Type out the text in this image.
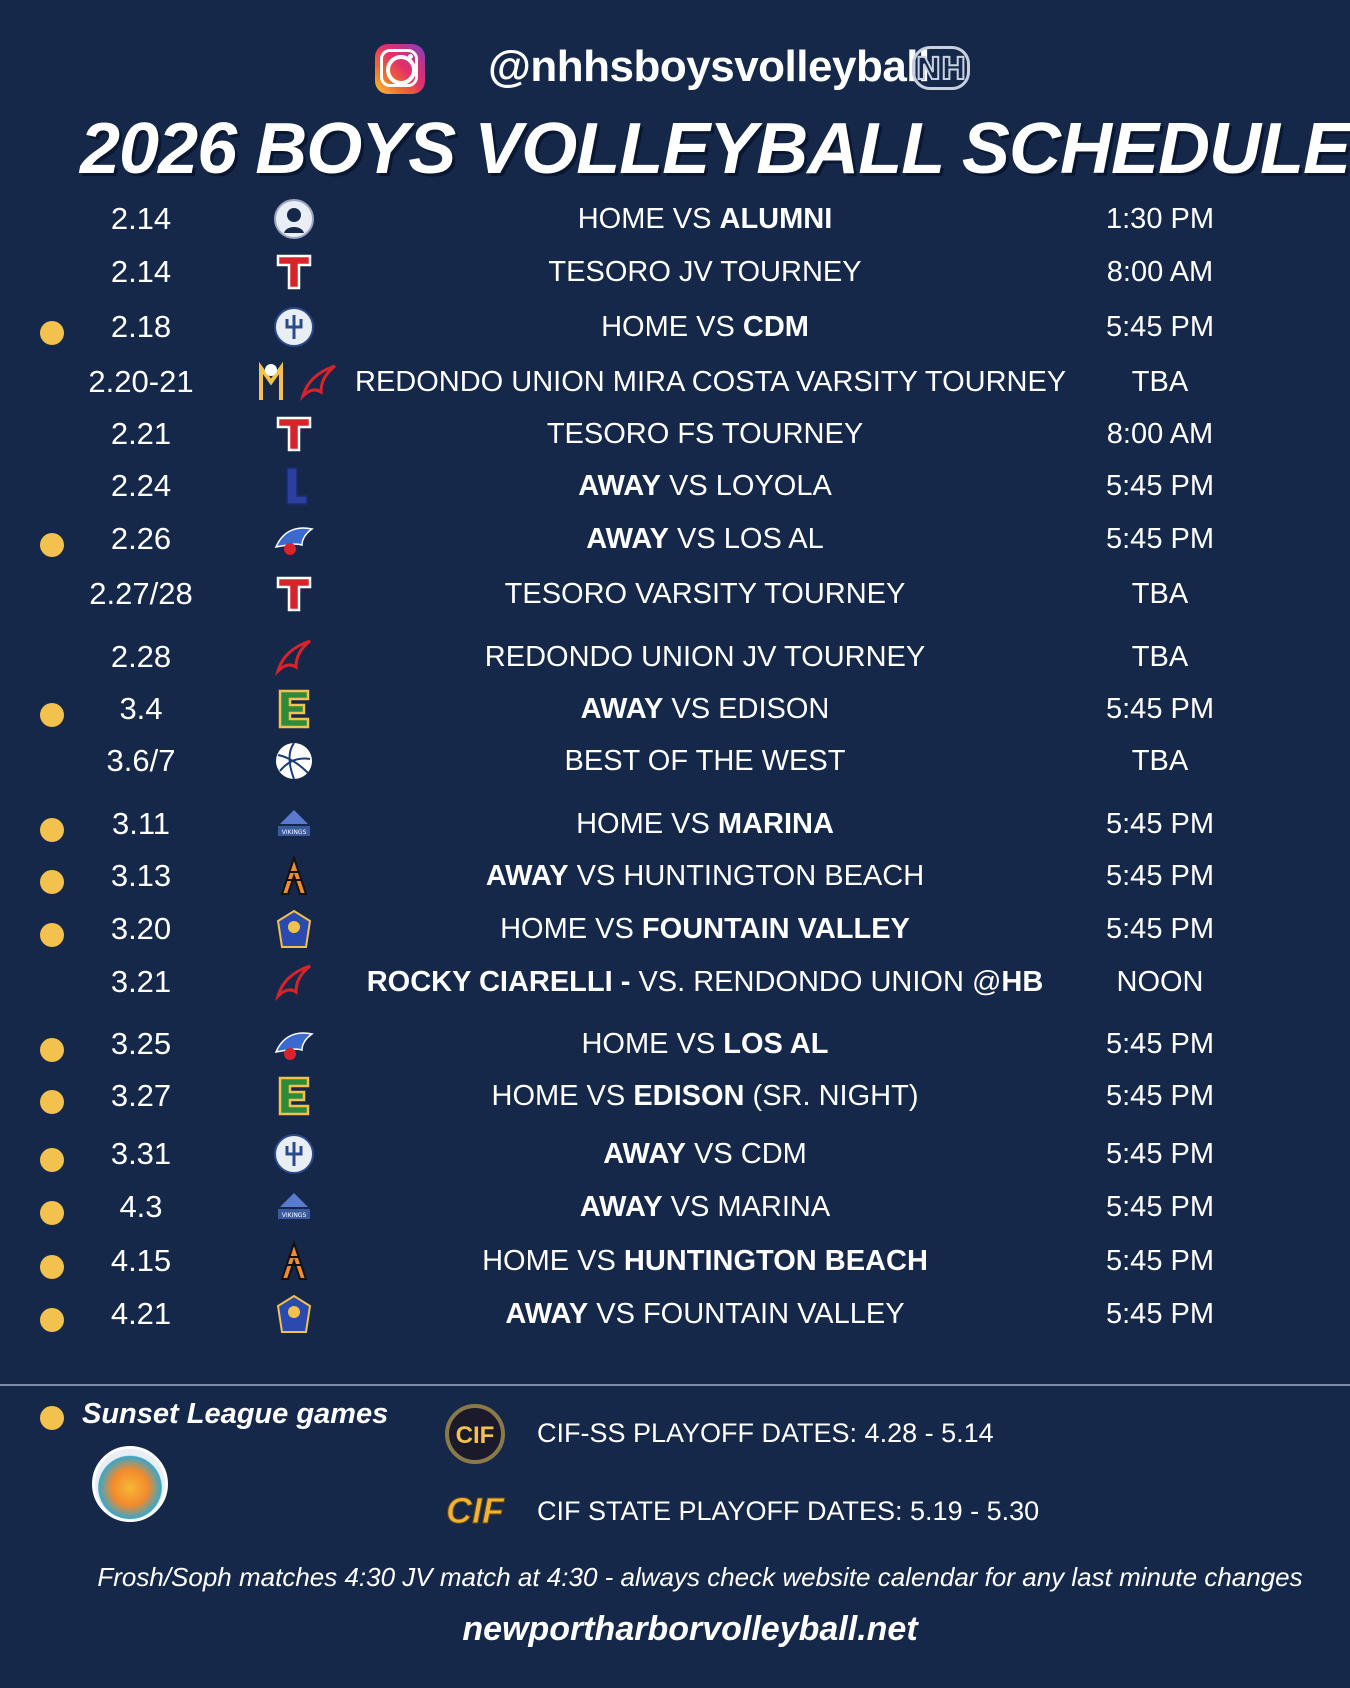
@nhhsboysvolleyball
NH
2026 BOYS VOLLEYBALL SCHEDULE
2.14	HOME VS ALUMNI	1:30 PM
2.14	TESORO JV TOURNEY	8:00 AM
2.18	HOME VS CDM	5:45 PM
2.20-21	REDONDO UNION MIRA COSTA VARSITY TOURNEY	TBA
2.21	TESORO FS TOURNEY	8:00 AM
2.24	AWAY VS LOYOLA	5:45 PM
2.26	AWAY VS LOS AL	5:45 PM
2.27/28	TESORO VARSITY TOURNEY	TBA
2.28	REDONDO UNION JV TOURNEY	TBA
3.4	AWAY VS EDISON	5:45 PM
3.6/7	BEST OF THE WEST	TBA
3.11	VIKINGS	HOME VS MARINA	5:45 PM
3.13	AWAY VS HUNTINGTON BEACH	5:45 PM
3.20	HOME VS FOUNTAIN VALLEY	5:45 PM
3.21	ROCKY CIARELLI - VS. RENDONDO UNION @HB	NOON
3.25	HOME VS LOS AL	5:45 PM
3.27	HOME VS EDISON (SR. NIGHT)	5:45 PM
3.31	AWAY VS CDM	5:45 PM
4.3	VIKINGS	AWAY VS MARINA	5:45 PM
4.15	HOME VS HUNTINGTON BEACH	5:45 PM
4.21	AWAY VS FOUNTAIN VALLEY	5:45 PM
Sunset League games
CIF	CIF-SS PLAYOFF DATES: 4.28 - 5.14
CIF CIF STATE PLAYOFF DATES: 5.19 - 5.30
Frosh/Soph matches 4:30 JV match at 4:30 - always check website calendar for any last minute changes
newportharborvolleyball.net
